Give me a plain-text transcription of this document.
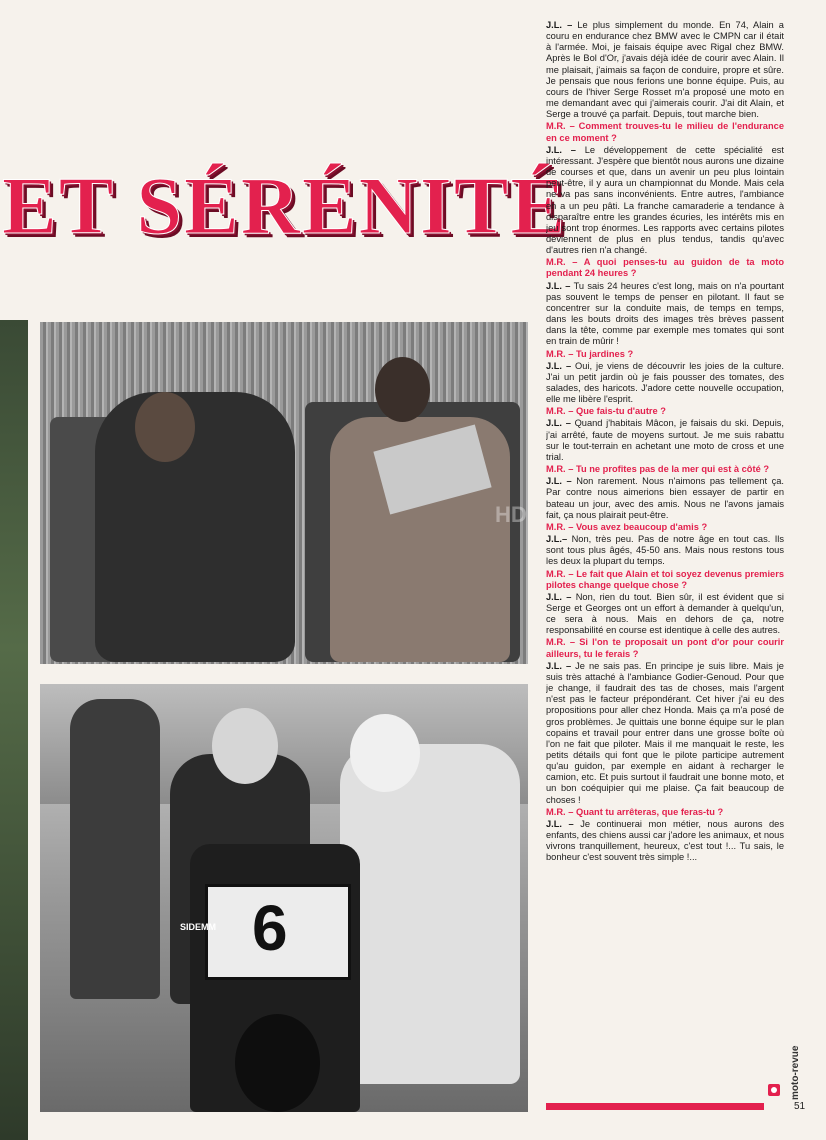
ET SÉRÉNITÉ
HD
6
SIDEMM

J.L. – Le plus simplement du monde. En 74, Alain a couru en endurance chez BMW avec le CMPN car il était à l'armée. Moi, je faisais équipe avec Rigal chez BMW. Après le Bol d'Or, j'avais déjà idée de courir avec Alain. Il me plaisait, j'aimais sa façon de conduire, propre et sûre. Je pensais que nous ferions une bonne équipe. Puis, au cours de l'hiver Serge Rosset m'a proposé une moto en me demandant avec qui j'aimerais courir. J'ai dit Alain, et Serge a trouvé ça parfait. Depuis, tout marche bien.

M.R. – Comment trouves-tu le milieu de l'endurance en ce moment ?

J.L. – Le développement de cette spécialité est intéressant. J'espère que bientôt nous aurons une dizaine de courses et que, dans un avenir un peu plus lointain peut-être, il y aura un championnat du Monde. Mais cela ne va pas sans inconvénients. Entre autres, l'ambiance en a un peu pâti. La franche camaraderie a tendance à disparaître entre les grandes écuries, les intérêts mis en jeu sont trop énormes. Les rapports avec certains pilotes deviennent de plus en plus tendus, tandis qu'avec d'autres rien n'a changé.

M.R. – A quoi penses-tu au guidon de ta moto pendant 24 heures ?

J.L. – Tu sais 24 heures c'est long, mais on n'a pourtant pas souvent le temps de penser en pilotant. Il faut se concentrer sur la conduite mais, de temps en temps, dans les bouts droits des images très brèves passent dans la tête, comme par exemple mes tomates qui sont en train de mûrir !

M.R. – Tu jardines ?

J.L. – Oui, je viens de découvrir les joies de la culture. J'ai un petit jardin où je fais pousser des tomates, des salades, des haricots. J'adore cette nouvelle occupation, elle me libère l'esprit.

M.R. – Que fais-tu d'autre ?

J.L. – Quand j'habitais Mâcon, je faisais du ski. Depuis, j'ai arrêté, faute de moyens surtout. Je me suis rabattu sur le tout-terrain en achetant une moto de cross et une trial.

M.R. – Tu ne profites pas de la mer qui est à côté ?

J.L. – Non rarement. Nous n'aimons pas tellement ça. Par contre nous aimerions bien essayer de partir en bateau un jour, avec des amis. Nous ne l'avons jamais fait, ça nous plairait peut-être.

M.R. – Vous avez beaucoup d'amis ?

J.L.– Non, très peu. Pas de notre âge en tout cas. Ils sont tous plus âgés, 45-50 ans. Mais nous restons tous les deux la plupart du temps.

M.R. – Le fait que Alain et toi soyez devenus premiers pilotes change quelque chose ?

J.L. – Non, rien du tout. Bien sûr, il est évident que si Serge et Georges ont un effort à demander à quelqu'un, ce sera à nous. Mais en dehors de ça, notre responsabilité en course est identique à celle des autres.

M.R. – Si l'on te proposait un pont d'or pour courir ailleurs, tu le ferais ?

J.L. – Je ne sais pas. En principe je suis libre. Mais je suis très attaché à l'ambiance Godier-Genoud. Pour que je change, il faudrait des tas de choses, mais l'argent n'est pas le facteur prépondérant. Cet hiver j'ai eu des propositions pour aller chez Honda. Mais ça m'a posé de gros problèmes. Je quittais une bonne équipe sur le plan copains et travail pour entrer dans une grosse boîte où l'on ne fait que piloter. Mais il me manquait le reste, les petits détails qui font que le pilote participe autrement qu'au guidon, par exemple en aidant à recharger le camion, etc. Et puis surtout il faudrait une bonne moto, et un bon coéquipier qui me plaise. Ça fait beaucoup de choses !

M.R. – Quant tu arrêteras, que feras-tu ?

J.L. – Je continuerai mon métier, nous aurons des enfants, des chiens aussi car j'adore les animaux, et nous vivrons tranquillement, heureux, c'est tout !... Tu sais, le bonheur c'est souvent très simple !...

moto-revue
51
